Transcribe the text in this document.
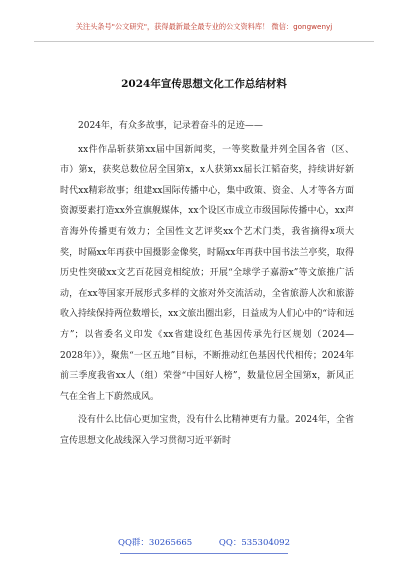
关注头条号"公文研究"，获得最新最全最专业的公文资料库！ 微信：gongwenyj
2024年宣传思想文化工作总结材料

2024年，有众多故事，记录着奋斗的足迹——

xx件作品斩获第xx届中国新闻奖，一等奖数量并列全国各省（区、市）第x，获奖总数位居全国第x，x人获第xx届长江韬奋奖，持续讲好新时代xx精彩故事；组建xx国际传播中心，集中政策、资金、人才等各方面资源要素打造xx外宣旗舰媒体，xx个设区市成立市级国际传播中心，xx声音海外传播更有效力；全国性文艺评奖xx个艺术门类，我省摘得x项大奖，时隔xx年再获中国摄影金像奖，时隔xx年再获中国书法兰亭奖，取得历史性突破xx文艺百花园竞相绽放；开展“全球学子嘉游x”等文旅推广活动，在xx等国家开展形式多样的文旅对外交流活动，全省旅游人次和旅游收入持续保持两位数增长，xx文旅出圈出彩，日益成为人们心中的“诗和远方”；以省委名义印发《xx省建设红色基因传承先行区规划（2024—2028年）》，聚焦“一区五地”目标，不断推动红色基因代代相传；2024年前三季度我省xx人（组）荣誉“中国好人榜”，数量位居全国第x，新风正气在全省上下蔚然成风。

没有什么比信心更加宝贵，没有什么比精神更有力量。2024年，全省宣传思想文化战线深入学习贯彻习近平新时

QQ群：30265665	QQ：535304092
